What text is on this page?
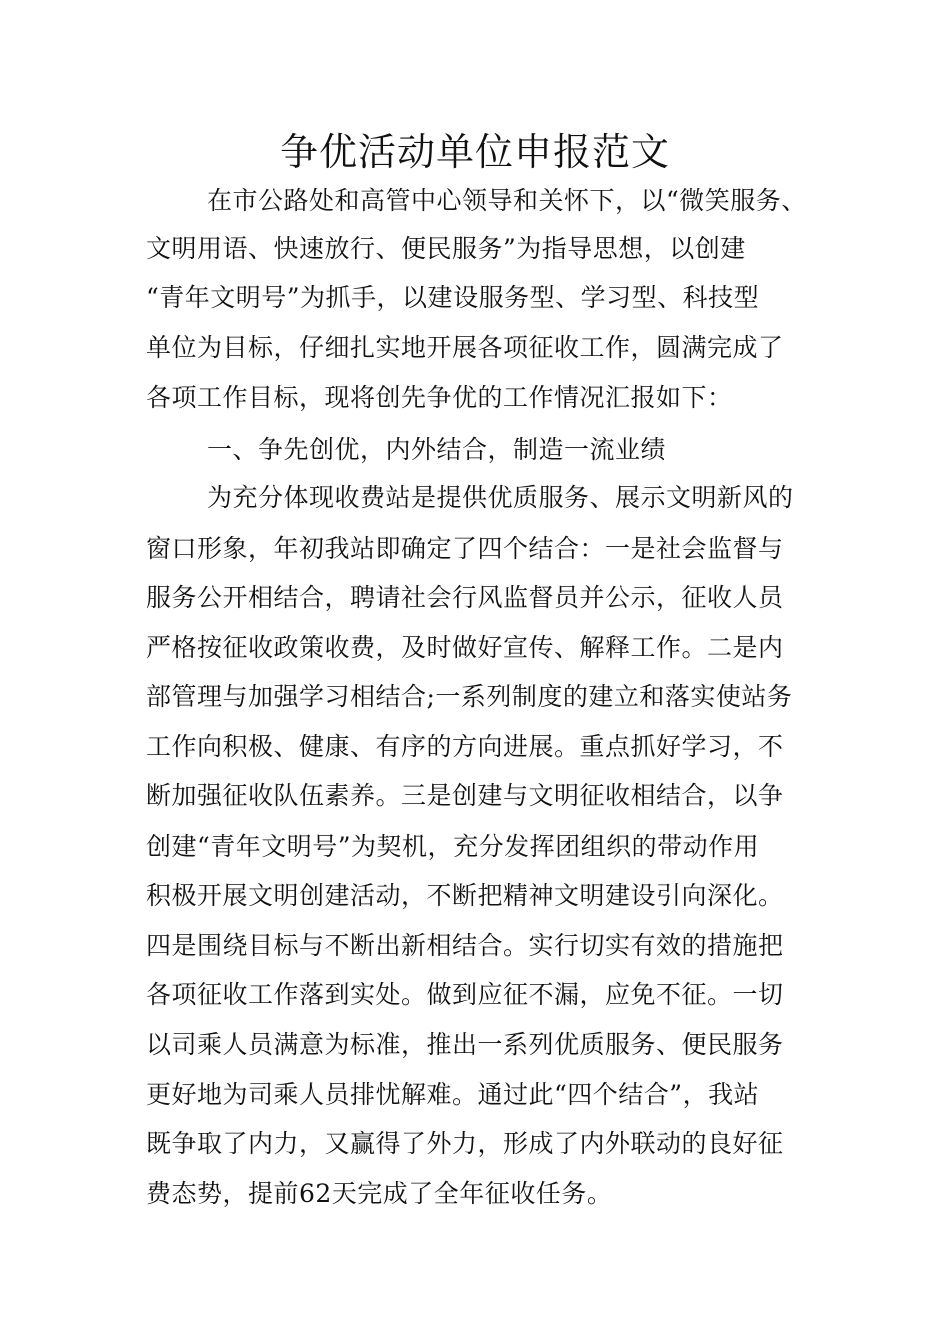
争优活动单位申报范文
在市公路处和高管中心领导和关怀下，以“微笑服务、
文明用语、快速放行、便民服务”为指导思想，以创建
“青年文明号”为抓手，以建设服务型、学习型、科技型
单位为目标，仔细扎实地开展各项征收工作，圆满完成了
各项工作目标，现将创先争优的工作情况汇报如下：
一、争先创优，内外结合，制造一流业绩
为充分体现收费站是提供优质服务、展示文明新风的
窗口形象，年初我站即确定了四个结合：一是社会监督与
服务公开相结合，聘请社会行风监督员并公示，征收人员
严格按征收政策收费，及时做好宣传、解释工作。二是内
部管理与加强学习相结合;一系列制度的建立和落实使站务
工作向积极、健康、有序的方向进展。重点抓好学习，不
断加强征收队伍素养。三是创建与文明征收相结合，以争
创建“青年文明号”为契机，充分发挥团组织的带动作用
积极开展文明创建活动，不断把精神文明建设引向深化。
四是围绕目标与不断出新相结合。实行切实有效的措施把
各项征收工作落到实处。做到应征不漏，应免不征。一切
以司乘人员满意为标准，推出一系列优质服务、便民服务
更好地为司乘人员排忧解难。通过此“四个结合”，我站
既争取了内力，又赢得了外力，形成了内外联动的良好征
费态势，提前62天完成了全年征收任务。
